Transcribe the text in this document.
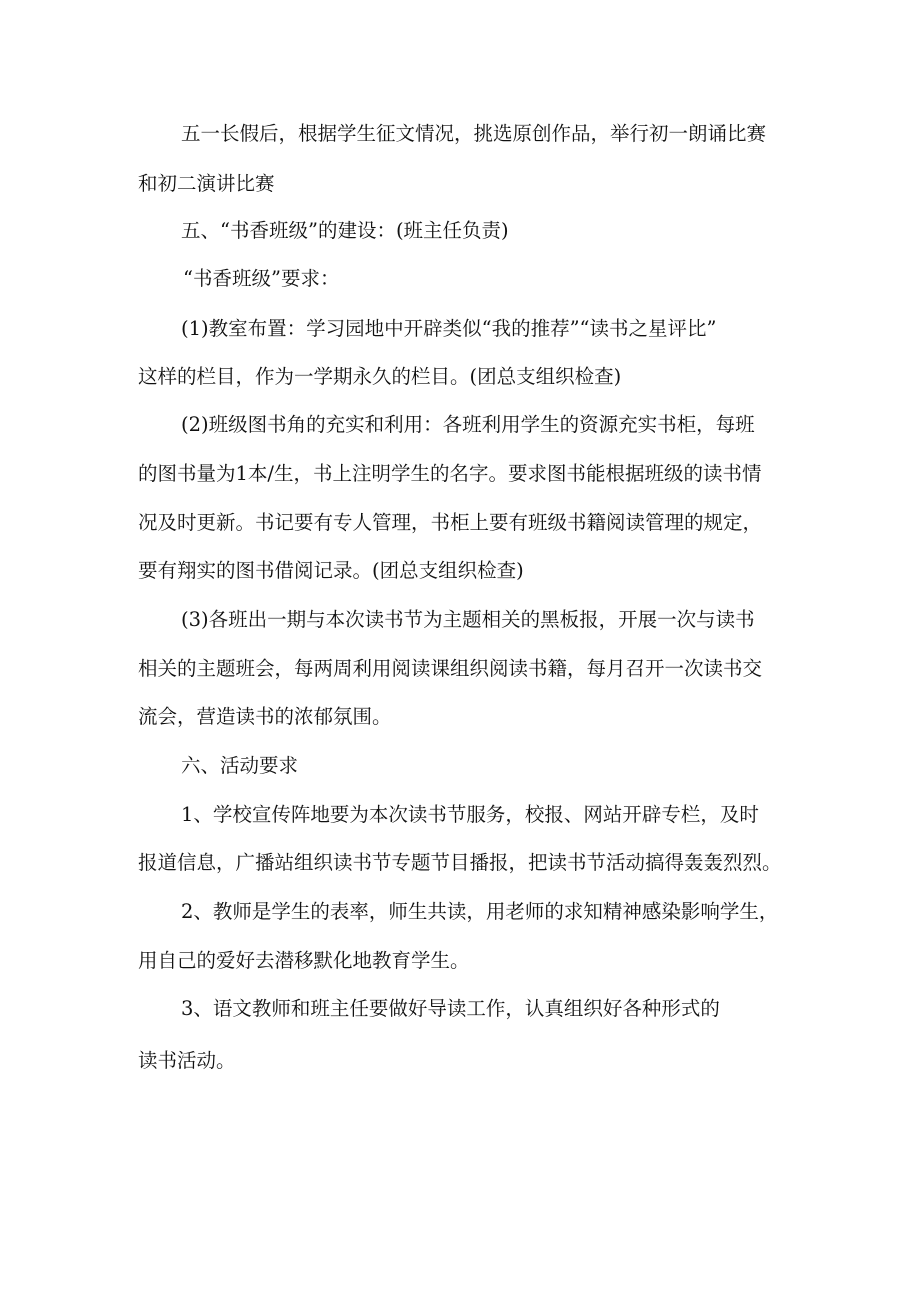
五一长假后，根据学生征文情况，挑选原创作品，举行初一朗诵比赛
和初二演讲比赛
五、“书香班级”的建设：(班主任负责)
“书香班级”要求：
(1)教室布置：学习园地中开辟类似“我的推荐”“读书之星评比”
这样的栏目，作为一学期永久的栏目。(团总支组织检查)
(2)班级图书角的充实和利用：各班利用学生的资源充实书柜，每班
的图书量为1本/生，书上注明学生的名字。要求图书能根据班级的读书情
况及时更新。书记要有专人管理，书柜上要有班级书籍阅读管理的规定，
要有翔实的图书借阅记录。(团总支组织检查)
(3)各班出一期与本次读书节为主题相关的黑板报，开展一次与读书
相关的主题班会，每两周利用阅读课组织阅读书籍，每月召开一次读书交
流会，营造读书的浓郁氛围。
六、活动要求
1、学校宣传阵地要为本次读书节服务，校报、网站开辟专栏，及时
报道信息，广播站组织读书节专题节目播报，把读书节活动搞得轰轰烈烈。
2、教师是学生的表率，师生共读，用老师的求知精神感染影响学生，
用自己的爱好去潜移默化地教育学生。
3、语文教师和班主任要做好导读工作，认真组织好各种形式的
读书活动。
